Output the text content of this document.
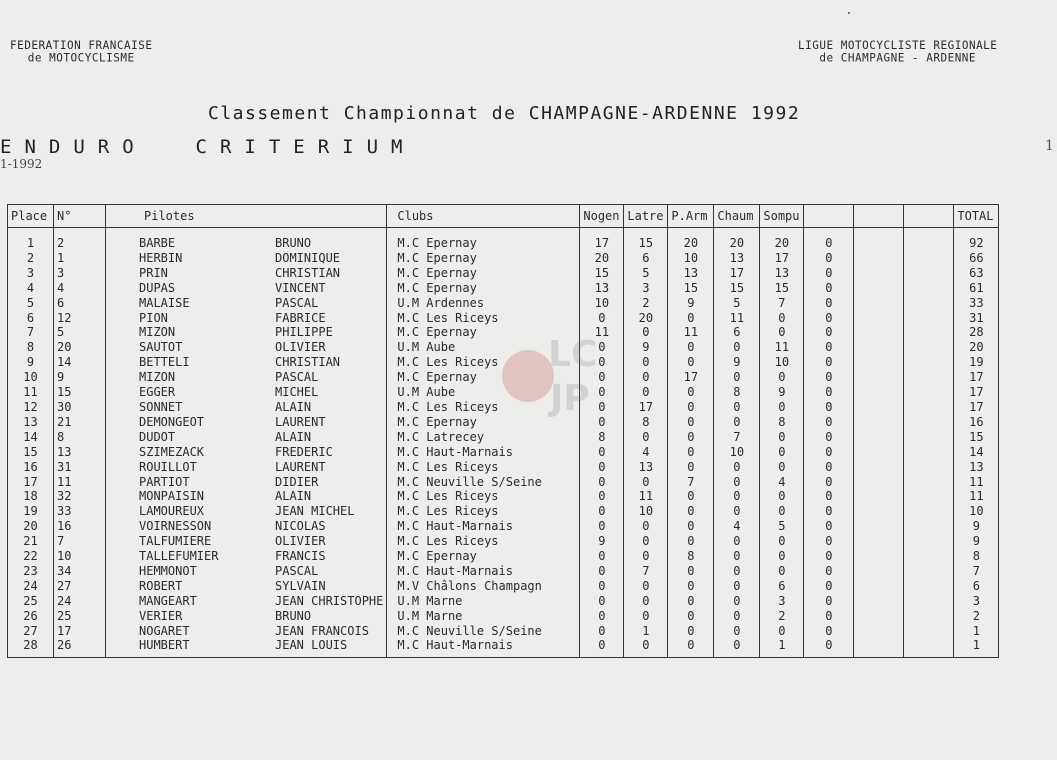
FEDERATION FRANCAISE
de MOTOCYCLISME
LIGUE MOTOCYCLISTE REGIONALE
de CHAMPAGNE - ARDENNE
Classement Championnat de CHAMPAGNE-ARDENNE 1992
ENDURO  CRITERIUM
1-1992
1
Place	N°	Pilotes	Clubs	Nogen	Latre	P.Arm	Chaum	Sompu				TOTAL
1	2	BARBE BRUNO	M.C Epernay	17	15	20	20	20	0			92
2	1	HERBIN DOMINIQUE	M.C Epernay	20	6	10	13	17	0			66
3	3	PRIN CHRISTIAN	M.C Epernay	15	5	13	17	13	0			63
4	4	DUPAS VINCENT	M.C Epernay	13	3	15	15	15	0			61
5	6	MALAISE PASCAL	U.M Ardennes	10	2	9	5	7	0			33
6	12	PION FABRICE	M.C Les Riceys	0	20	0	11	0	0			31
7	5	MIZON PHILIPPE	M.C Epernay	11	0	11	6	0	0			28
8	20	SAUTOT OLIVIER	U.M Aube	0	9	0	0	11	0			20
9	14	BETTELI CHRISTIAN	M.C Les Riceys	0	0	0	9	10	0			19
10	9	MIZON PASCAL	M.C Epernay	0	0	17	0	0	0			17
11	15	EGGER MICHEL	U.M Aube	0	0	0	8	9	0			17
12	30	SONNET ALAIN	M.C Les Riceys	0	17	0	0	0	0			17
13	21	DEMONGEOT LAURENT	M.C Epernay	0	8	0	0	8	0			16
14	8	DUDOT ALAIN	M.C Latrecey	8	0	0	7	0	0			15
15	13	SZIMEZACK FREDERIC	M.C Haut-Marnais	0	4	0	10	0	0			14
16	31	ROUILLOT LAURENT	M.C Les Riceys	0	13	0	0	0	0			13
17	11	PARTIOT DIDIER	M.C Neuville S/Seine	0	0	7	0	4	0			11
18	32	MONPAISIN ALAIN	M.C Les Riceys	0	11	0	0	0	0			11
19	33	LAMOUREUX JEAN MICHEL	M.C Les Riceys	0	10	0	0	0	0			10
20	16	VOIRNESSON NICOLAS	M.C Haut-Marnais	0	0	0	4	5	0			9
21	7	TALFUMIERE OLIVIER	M.C Les Riceys	9	0	0	0	0	0			9
22	10	TALLEFUMIER FRANCIS	M.C Epernay	0	0	8	0	0	0			8
23	34	HEMMONOT PASCAL	M.C Haut-Marnais	0	7	0	0	0	0			7
24	27	ROBERT SYLVAIN	M.V Châlons Champagn	0	0	0	0	6	0			6
25	24	MANGEART JEAN CHRISTOPHE	U.M Marne	0	0	0	0	3	0			3
26	25	VERIER BRUNO	U.M Marne	0	0	0	0	2	0			2
27	17	NOGARET JEAN FRANCOIS	M.C Neuville S/Seine	0	1	0	0	0	0			1
28	26	HUMBERT JEAN LOUIS	M.C Haut-Marnais	0	0	0	0	1	0			1
LC
JP
